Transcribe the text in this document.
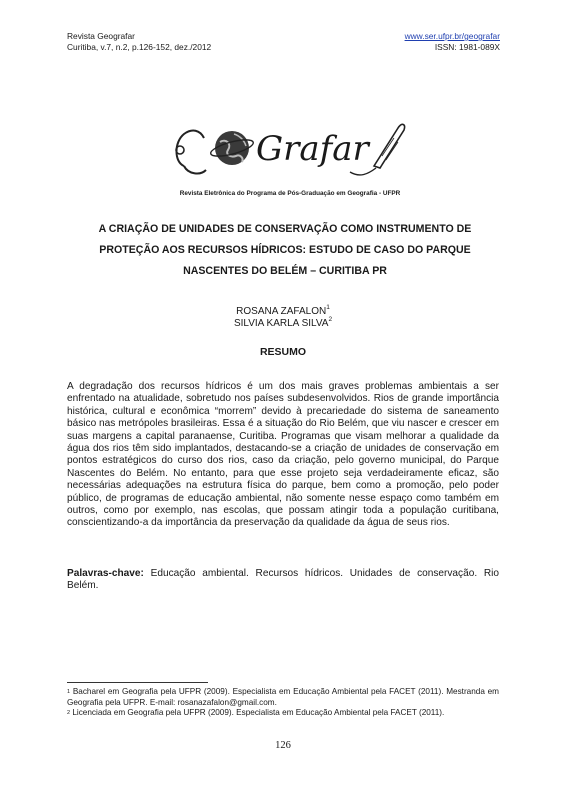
Revista Geografar
Curitiba, v.7, n.2, p.126-152, dez./2012
www.ser.ufpr.br/geografar
ISSN: 1981-089X
Grafar
Revista Eletrônica do Programa de Pós-Graduação em Geografia - UFPR
A CRIAÇÃO DE UNIDADES DE CONSERVAÇÃO COMO INSTRUMENTO DE
PROTEÇÃO AOS RECURSOS HÍDRICOS: ESTUDO DE CASO DO PARQUE
NASCENTES DO BELÉM – CURITIBA PR
ROSANA ZAFALON$^1$
SILVIA KARLA SILVA$^2$
RESUMO
A degradação dos recursos hídricos é um dos mais graves problemas ambientais a ser enfrentado na atualidade, sobretudo nos países subdesenvolvidos. Rios de grande importância histórica, cultural e econômica “morrem” devido à precariedade do sistema de saneamento básico nas metrópoles brasileiras. Essa é a situação do Rio Belém, que viu nascer e crescer em suas margens a capital paranaense, Curitiba. Programas que visam melhorar a qualidade da água dos rios têm sido implantados, destacando-se a criação de unidades de conservação em pontos estratégicos do curso dos rios, caso da criação, pelo governo municipal, do Parque Nascentes do Belém. No entanto, para que esse projeto seja verdadeiramente eficaz, são necessárias adequações na estrutura física do parque, bem como a promoção, pelo poder público, de programas de educação ambiental, não somente nesse espaço como também em outros, como por exemplo, nas escolas, que possam atingir toda a população curitibana, conscientizando-a da importância da preservação da qualidade da água de seus rios.
Palavras-chave: Educação ambiental. Recursos hídricos. Unidades de conservação. Rio Belém.
$^1$ Bacharel em Geografia pela UFPR (2009). Especialista em Educação Ambiental pela FACET (2011). Mestranda em Geografia pela UFPR. E-mail: rosanazafalon@gmail.com.
$^2$ Licenciada em Geografia pela UFPR (2009). Especialista em Educação Ambiental pela FACET (2011).
126
